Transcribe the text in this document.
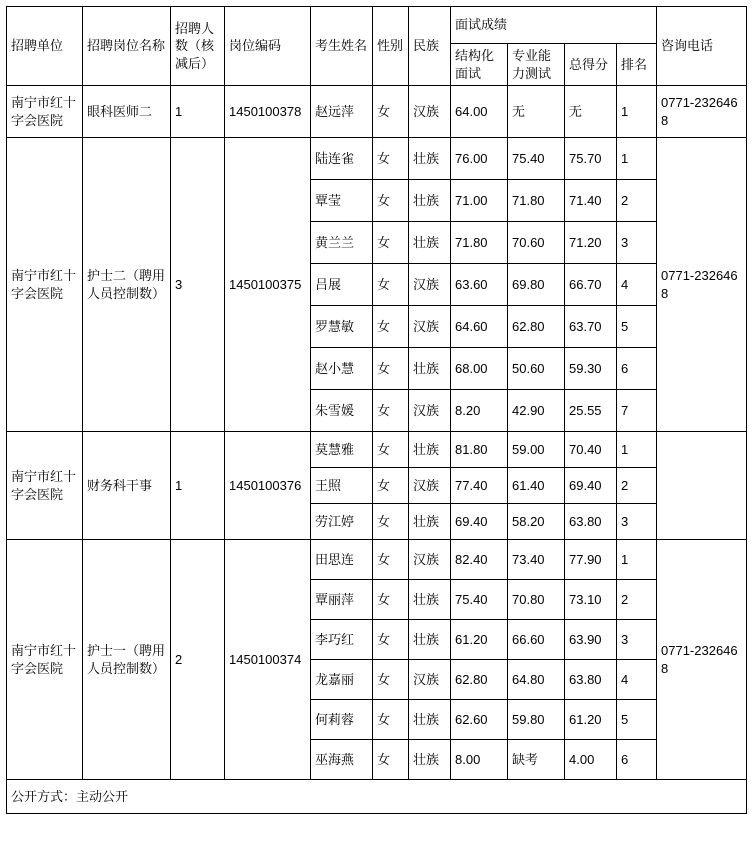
招聘单位	招聘岗位名称	招聘人数（核减后）	岗位编码	考生姓名	性别	民族	面试成绩				咨询电话
							结构化面试	专业能力测试	总得分	排名	
南宁市红十字会医院	眼科医师二	1	1450100378	赵远萍	女	汉族	64.00	无	无	1	0771-2326468
南宁市红十字会医院	护士二（聘用人员控制数）	3	1450100375	陆连雀	女	壮族	76.00	75.40	75.70	1	0771-2326468
				覃莹	女	壮族	71.00	71.80	71.40	2	
				黄兰兰	女	壮族	71.80	70.60	71.20	3	
				吕展	女	汉族	63.60	69.80	66.70	4	
				罗慧敏	女	汉族	64.60	62.80	63.70	5	
				赵小慧	女	壮族	68.00	50.60	59.30	6	
				朱雪媛	女	汉族	8.20	42.90	25.55	7	
南宁市红十字会医院	财务科干事	1	1450100376	莫慧雅	女	壮族	81.80	59.00	70.40	1	
				王照	女	汉族	77.40	61.40	69.40	2	
				劳江婷	女	壮族	69.40	58.20	63.80	3	
南宁市红十字会医院	护士一（聘用人员控制数）	2	1450100374	田思连	女	汉族	82.40	73.40	77.90	1	0771-2326468
				覃丽萍	女	壮族	75.40	70.80	73.10	2	
				李巧红	女	壮族	61.20	66.60	63.90	3	
				龙嘉丽	女	汉族	62.80	64.80	63.80	4	
				何莉蓉	女	壮族	62.60	59.80	61.20	5	
				巫海燕	女	壮族	8.00	缺考	4.00	6	
公开方式：主动公开											
